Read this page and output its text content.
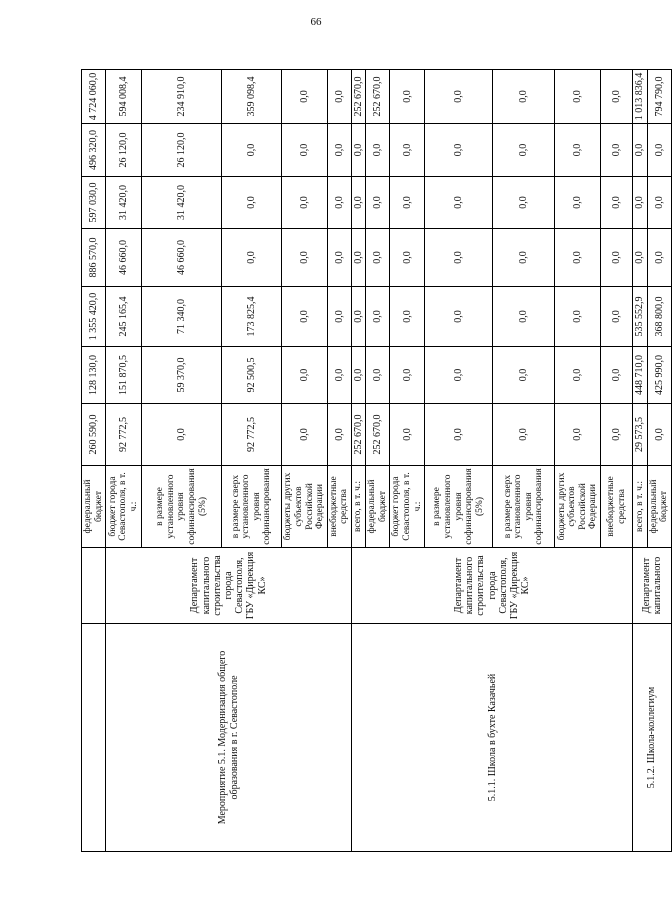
66
		федеральный бюджет	260 590,0	128 130,0	1 355 420,0	886 570,0	597 030,0	496 320,0	4 724 060,0
Мероприятие 5.1. Модернизация общего образования в г. Севастополе	Департамент капитального строительства города Севастополя, ГБУ «Дирекция КС»	бюджет города Севастополя, в т. ч.:	92 772,5	151 870,5	245 165,4	46 660,0	31 420,0	26 120,0	594 008,4
		в размере установленного уровня софинансирования (5%)	0,0	59 370,0	71 340,0	46 660,0	31 420,0	26 120,0	234 910,0
		в размере сверх установленного уровня софинансирования	92 772,5	92 500,5	173 825,4	0,0	0,0	0,0	359 098,4
		бюджеты других субъектов Российской Федерации	0,0	0,0	0,0	0,0	0,0	0,0	0,0
		внебюджетные средства	0,0	0,0	0,0	0,0	0,0	0,0	0,0
5.1.1. Школа в бухте Казачьей	Департамент капитального строительства города Севастополя, ГБУ «Дирекция КС»	всего, в т. ч.:	252 670,0	0,0	0,0	0,0	0,0	0,0	252 670,0
		федеральный бюджет	252 670,0	0,0	0,0	0,0	0,0	0,0	252 670,0
		бюджет города Севастополя, в т. ч.:	0,0	0,0	0,0	0,0	0,0	0,0	0,0
		в размере установленного уровня софинансирования (5%)	0,0	0,0	0,0	0,0	0,0	0,0	0,0
		в размере сверх установленного уровня софинансирования	0,0	0,0	0,0	0,0	0,0	0,0	0,0
		бюджеты других субъектов Российской Федерации	0,0	0,0	0,0	0,0	0,0	0,0	0,0
		внебюджетные средства	0,0	0,0	0,0	0,0	0,0	0,0	0,0
5.1.2. Школа-коллегиум	Департамент капитального	всего, в т. ч.:	29 573,5	448 710,0	535 552,9	0,0	0,0	0,0	1 013 836,4
		федеральный бюджет	0,0	425 990,0	368 800,0	0,0	0,0	0,0	794 790,0
